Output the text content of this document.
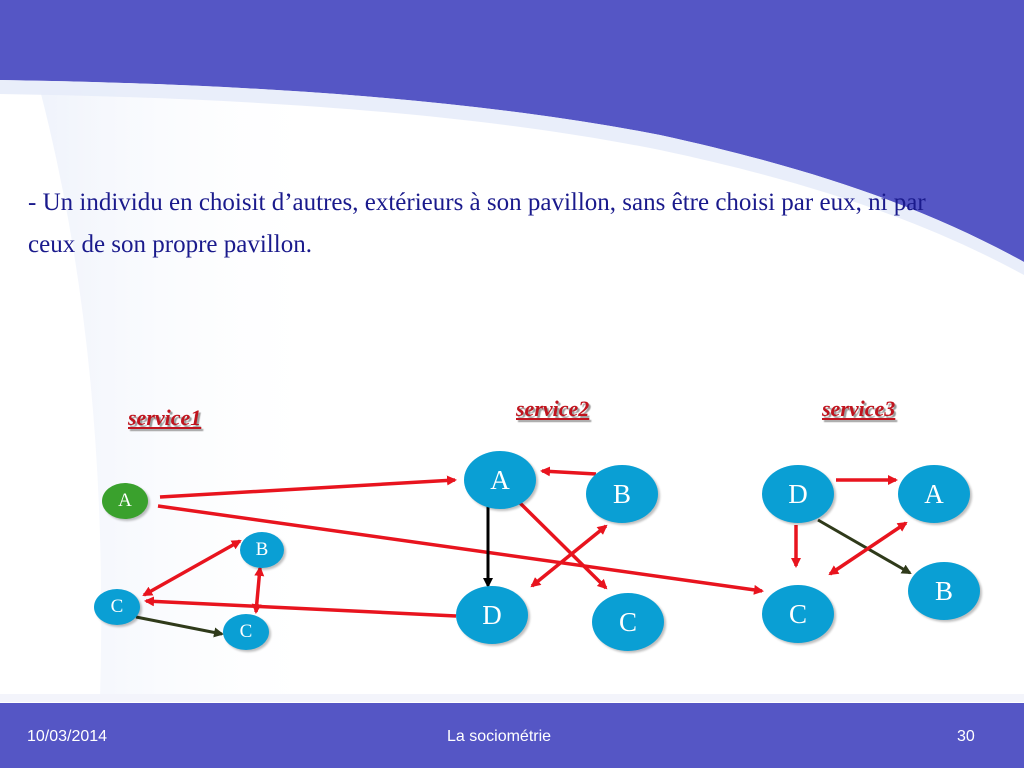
- Un individu en choisit d’autres, extérieurs à son pavillon, sans être choisi par eux, ni par ceux de son propre pavillon.

service1	service2	service3
A
B
C
C
A	B
D	C
D	A
B
C
10/03/2014	La sociométrie	30
